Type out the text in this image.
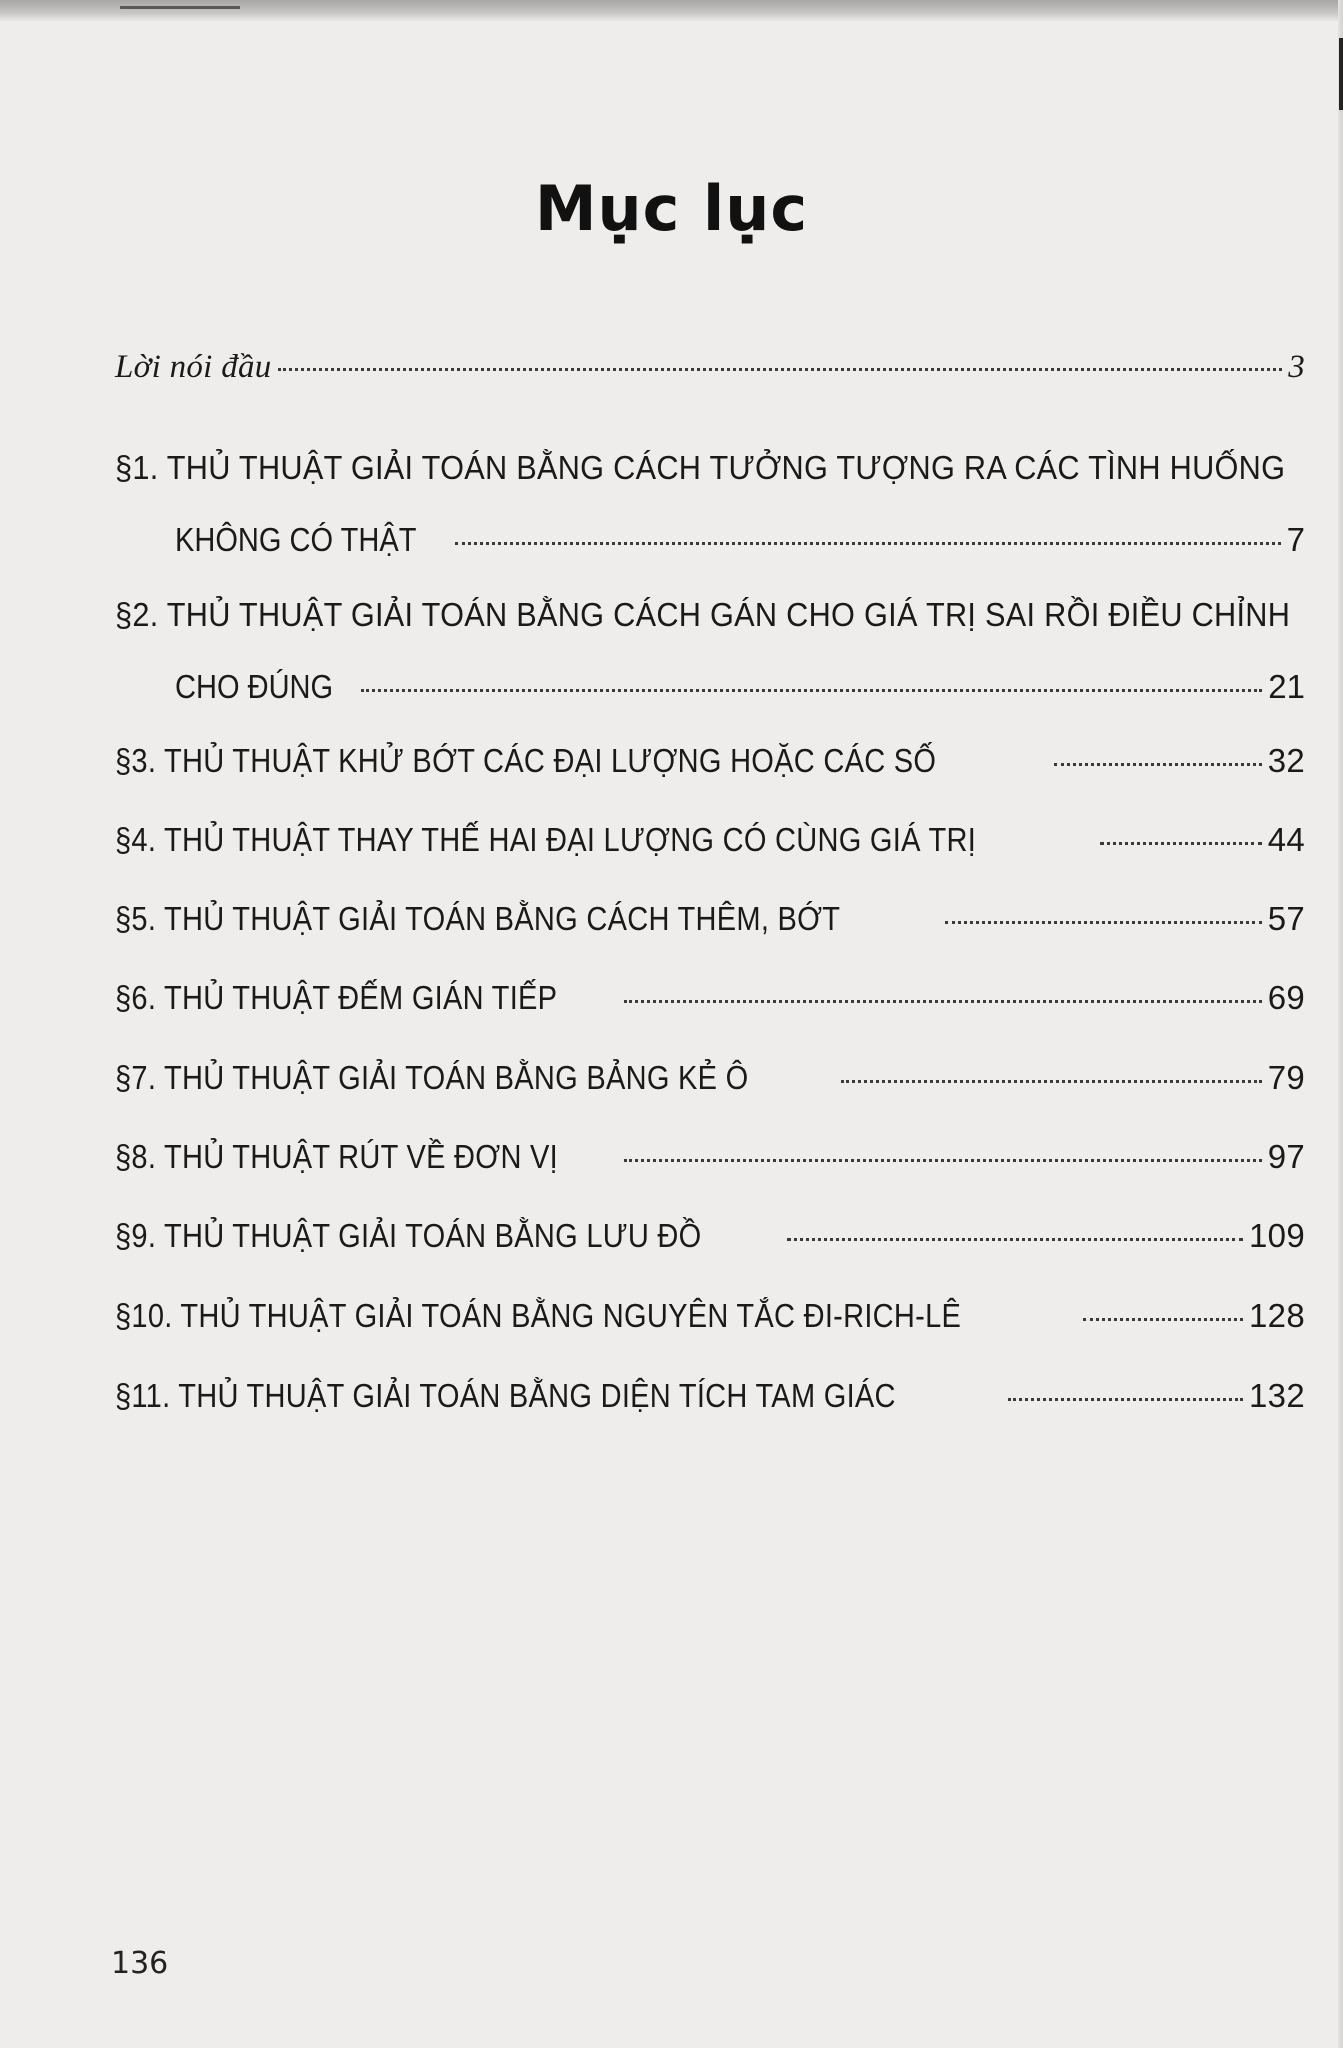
Mục lục
Lời nói đầu	3
§1. THỦ THUẬT GIẢI TOÁN BẰNG CÁCH TƯỞNG TƯỢNG RA CÁC TÌNH HUỐNG
KHÔNG CÓ THẬT	7
§2. THỦ THUẬT GIẢI TOÁN BẰNG CÁCH GÁN CHO GIÁ TRỊ SAI RỒI ĐIỀU CHỈNH
CHO ĐÚNG	21
§3. THỦ THUẬT KHỬ BỚT CÁC ĐẠI LƯỢNG HOẶC CÁC SỐ	32
§4. THỦ THUẬT THAY THẾ HAI ĐẠI LƯỢNG CÓ CÙNG GIÁ TRỊ	44
§5. THỦ THUẬT GIẢI TOÁN BẰNG CÁCH THÊM, BỚT	57
§6. THỦ THUẬT ĐẾM GIÁN TIẾP	69
§7. THỦ THUẬT GIẢI TOÁN BẰNG BẢNG KẺ Ô	79
§8. THỦ THUẬT RÚT VỀ ĐƠN VỊ	97
§9. THỦ THUẬT GIẢI TOÁN BẰNG LƯU ĐỒ	109
§10. THỦ THUẬT GIẢI TOÁN BẰNG NGUYÊN TẮC ĐI-RICH-LÊ	128
§11. THỦ THUẬT GIẢI TOÁN BẰNG DIỆN TÍCH TAM GIÁC	132
136
